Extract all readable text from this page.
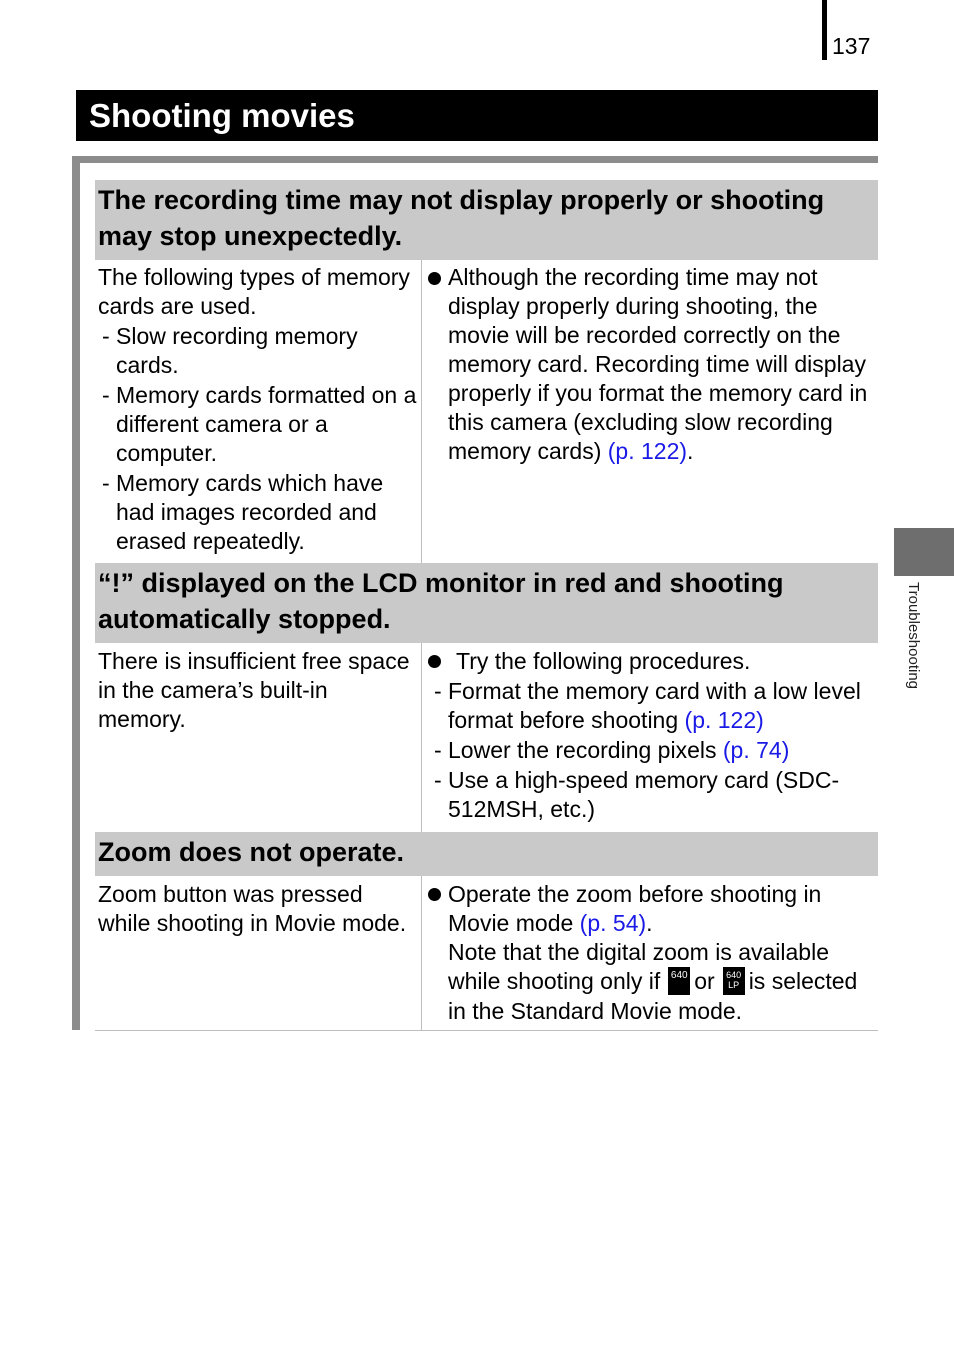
137
Shooting movies
The recording time may not display properly or shooting may stop unexpectedly.
The following types of memory cards are used.
- Slow recording memory cards.
- Memory cards formatted on a different camera or a computer.
- Memory cards which have had images recorded and erased repeatedly.
Although the recording time may not display properly during shooting, the movie will be recorded correctly on the memory card. Recording time will display properly if you format the memory card in this camera (excluding slow recording memory cards) (p. 122).
“!” displayed on the LCD monitor in red and shooting automatically stopped.
There is insufficient free space in the camera’s built-in memory.
Try the following procedures.
- Format the memory card with a low level format before shooting (p. 122)
- Lower the recording pixels (p. 74)
- Use a high-speed memory card (SDC-512MSH, etc.)
Zoom does not operate.
Zoom button was pressed while shooting in Movie mode.
Operate the zoom before shooting in Movie mode (p. 54).
Note that the digital zoom is available while shooting only if 640 or 640 LP is selected in the Standard Movie mode.
Troubleshooting
